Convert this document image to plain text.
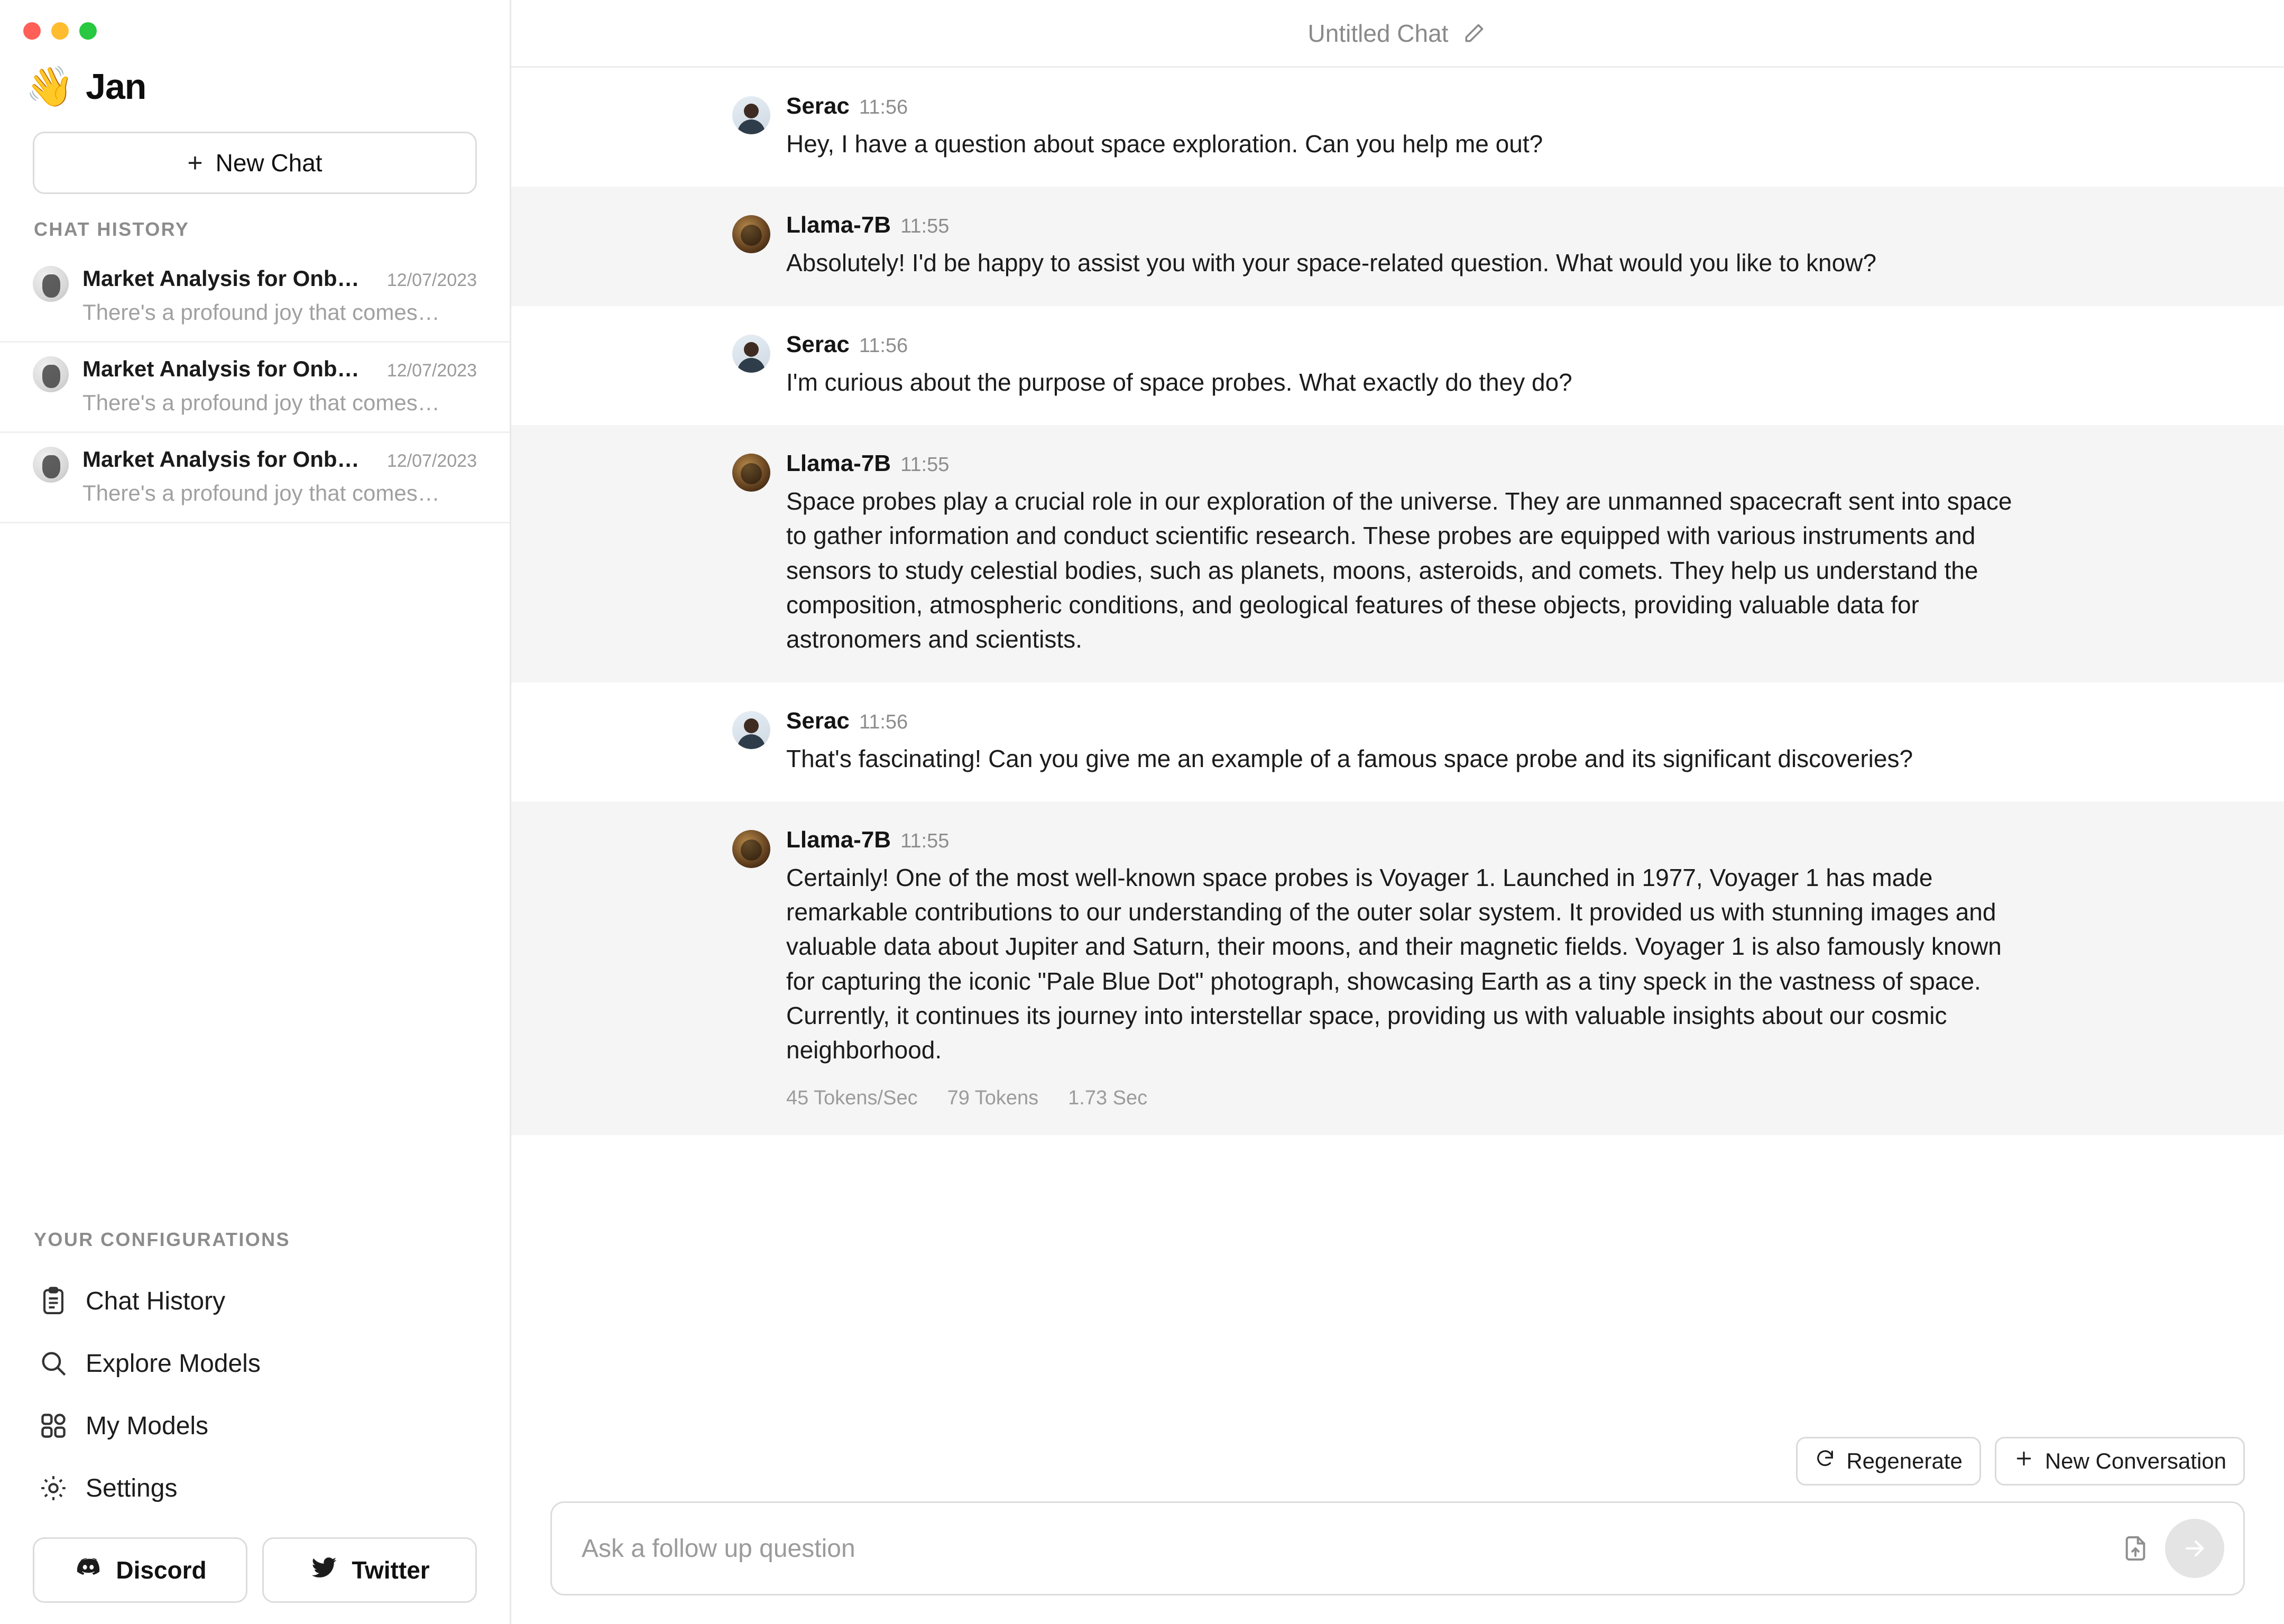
👋 Jan
+ New Chat
CHAT HISTORY
Market Analysis for Onb…	12/07/2023
There's a profound joy that comes…
Market Analysis for Onb…	12/07/2023
There's a profound joy that comes…
Market Analysis for Onb…	12/07/2023
There's a profound joy that comes…
YOUR CONFIGURATIONS
Chat History
Explore Models
My Models
Settings
Discord	Twitter
Untitled Chat
Serac 11:56
Hey, I have a question about space exploration. Can you help me out?
Llama-7B 11:55
Absolutely! I'd be happy to assist you with your space-related question. What would you like to know?
Serac 11:56
I'm curious about the purpose of space probes. What exactly do they do?
Llama-7B 11:55
Space probes play a crucial role in our exploration of the universe. They are unmanned spacecraft sent into space to gather information and conduct scientific research. These probes are equipped with various instruments and sensors to study celestial bodies, such as planets, moons, asteroids, and comets. They help us understand the composition, atmospheric conditions, and geological features of these objects, providing valuable data for astronomers and scientists.
Serac 11:56
That's fascinating! Can you give me an example of a famous space probe and its significant discoveries?
Llama-7B 11:55
Certainly! One of the most well-known space probes is Voyager 1. Launched in 1977, Voyager 1 has made remarkable contributions to our understanding of the outer solar system. It provided us with stunning images and valuable data about Jupiter and Saturn, their moons, and their magnetic fields. Voyager 1 is also famously known for capturing the iconic "Pale Blue Dot" photograph, showcasing Earth as a tiny speck in the vastness of space. Currently, it continues its journey into interstellar space, providing us with valuable insights about our cosmic neighborhood.
45 Tokens/Sec 79 Tokens 1.73 Sec
Regenerate	New Conversation
Ask a follow up question
